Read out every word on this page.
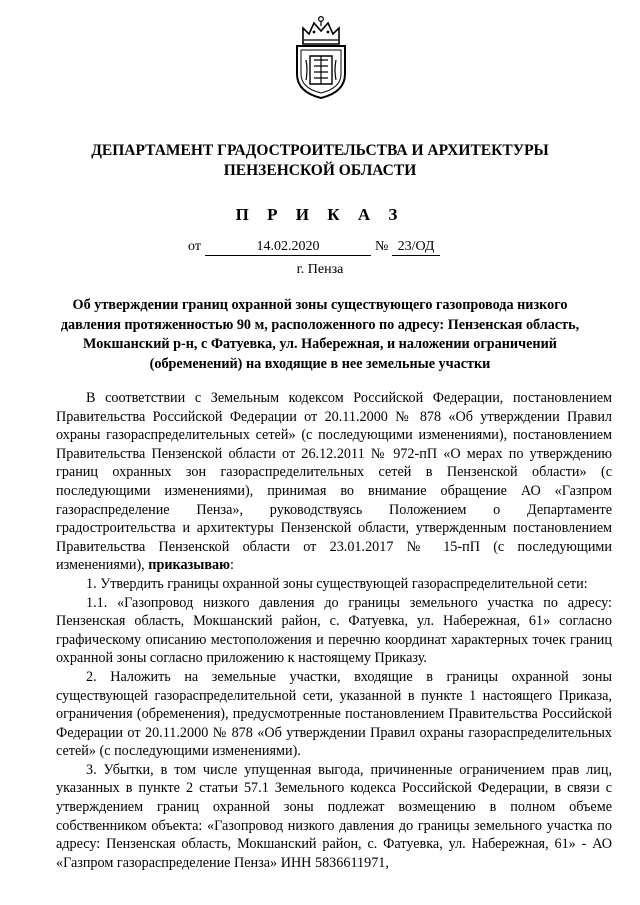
ДЕПАРТАМЕНТ ГРАДОСТРОИТЕЛЬСТВА И АРХИТЕКТУРЫ
ПЕНЗЕНСКОЙ ОБЛАСТИ
П Р И К А З
от	14.02.2020	№ 23/ОД
г. Пенза
Об утверждении границ охранной зоны существующего газопровода низкого давления протяженностью 90 м, расположенного по адресу: Пензенская область, Мокшанский р-н, с Фатуевка, ул. Набережная, и наложении ограничений (обременений) на входящие в нее земельные участки

В соответствии с Земельным кодексом Российской Федерации, постановлением Правительства Российской Федерации от 20.11.2000 № 878 «Об утверждении Правил охраны газораспределительных сетей» (с последующими изменениями), постановлением Правительства Пензенской области от 26.12.2011 № 972-пП «О мерах по утверждению границ охранных зон газораспределительных сетей в Пензенской области» (с последующими изменениями), принимая во внимание обращение АО «Газпром газораспределение Пенза», руководствуясь Положением о Департаменте градостроительства и архитектуры Пензенской области, утвержденным постановлением Правительства Пензенской области от 23.01.2017 № 15-пП (с последующими изменениями), приказываю:

1. Утвердить границы охранной зоны существующей газораспределительной сети:

1.1. «Газопровод низкого давления до границы земельного участка по адресу: Пензенская область, Мокшанский район, с. Фатуевка, ул. Набережная, 61» согласно графическому описанию местоположения и перечню координат характерных точек границ охранной зоны согласно приложению к настоящему Приказу.

2. Наложить на земельные участки, входящие в границы охранной зоны существующей газораспределительной сети, указанной в пункте 1 настоящего Приказа, ограничения (обременения), предусмотренные постановлением Правительства Российской Федерации от 20.11.2000 № 878 «Об утверждении Правил охраны газораспределительных сетей» (с последующими изменениями).

3. Убытки, в том числе упущенная выгода, причиненные ограничением прав лиц, указанных в пункте 2 статьи 57.1 Земельного кодекса Российской Федерации, в связи с утверждением границ охранной зоны подлежат возмещению в полном объеме собственником объекта: «Газопровод низкого давления до границы земельного участка по адресу: Пензенская область, Мокшанский район, с. Фатуевка, ул. Набережная, 61» - АО «Газпром газораспределение Пенза» ИНН 5836611971,
